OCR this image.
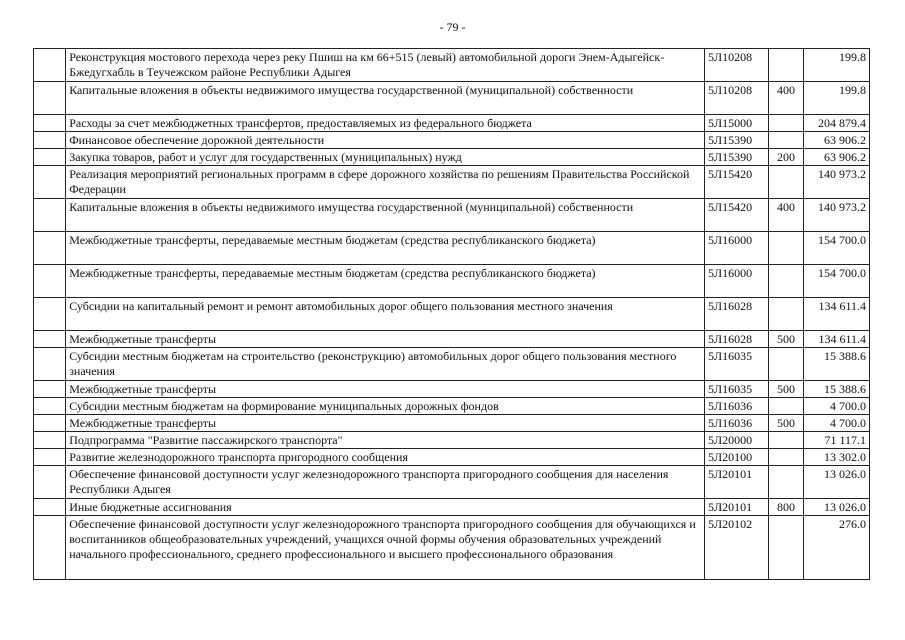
- 79 -
	Реконструкция мостового перехода через реку Пшиш на км 66+515 (левый) автомобильной дороги Энем-Адыгейск-Бжедугхабль в Теучежском районе Республики Адыгея	5Л10208		199.8
	Капитальные вложения в объекты недвижимого имущества государственной (муниципальной) собственности	5Л10208	400	199.8
	Расходы за счет межбюджетных трансфертов, предоставляемых из федерального бюджета	5Л15000		204 879.4
	Финансовое обеспечение дорожной деятельности	5Л15390		63 906.2
	Закупка товаров, работ и услуг для государственных (муниципальных) нужд	5Л15390	200	63 906.2
	Реализация мероприятий региональных программ в сфере дорожного хозяйства по решениям Правительства Российской Федерации	5Л15420		140 973.2
	Капитальные вложения в объекты недвижимого имущества государственной (муниципальной) собственности	5Л15420	400	140 973.2
	Межбюджетные трансферты, передаваемые местным бюджетам (средства республиканского бюджета)	5Л16000		154 700.0
	Межбюджетные трансферты, передаваемые местным бюджетам (средства республиканского бюджета)	5Л16000		154 700.0
	Субсидии на капитальный ремонт и ремонт автомобильных дорог общего пользования местного значения	5Л16028		134 611.4
	Межбюджетные трансферты	5Л16028	500	134 611.4
	Субсидии местным бюджетам на строительство (реконструкцию) автомобильных дорог общего пользования местного значения	5Л16035		15 388.6
	Межбюджетные трансферты	5Л16035	500	15 388.6
	Субсидии местным бюджетам на формирование муниципальных дорожных фондов	5Л16036		4 700.0
	Межбюджетные трансферты	5Л16036	500	4 700.0
	Подпрограмма "Развитие пассажирского транспорта"	5Л20000		71 117.1
	Развитие железнодорожного транспорта пригородного сообщения	5Л20100		13 302.0
	Обеспечение финансовой доступности услуг железнодорожного транспорта пригородного сообщения для населения Республики Адыгея	5Л20101		13 026.0
	Иные бюджетные ассигнования	5Л20101	800	13 026.0
	Обеспечение финансовой доступности услуг железнодорожного транспорта пригородного сообщения для обучающихся и воспитанников общеобразовательных учреждений, учащихся очной формы обучения образовательных учреждений начального профессионального, среднего профессионального и высшего профессионального образования	5Л20102		276.0
